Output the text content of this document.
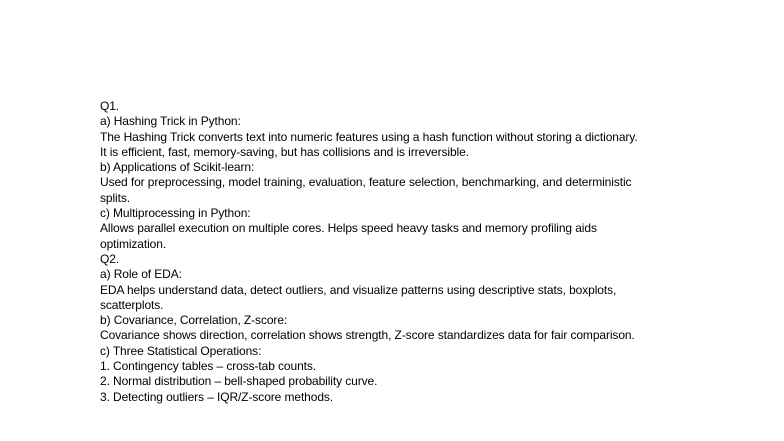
Q1.
a) Hashing Trick in Python:
The Hashing Trick converts text into numeric features using a hash function without storing a dictionary.
It is efficient, fast, memory-saving, but has collisions and is irreversible.
b) Applications of Scikit-learn:
Used for preprocessing, model training, evaluation, feature selection, benchmarking, and deterministic
splits.
c) Multiprocessing in Python:
Allows parallel execution on multiple cores. Helps speed heavy tasks and memory profiling aids
optimization.
Q2.
a) Role of EDA:
EDA helps understand data, detect outliers, and visualize patterns using descriptive stats, boxplots,
scatterplots.
b) Covariance, Correlation, Z-score:
Covariance shows direction, correlation shows strength, Z-score standardizes data for fair comparison.
c) Three Statistical Operations:
1. Contingency tables – cross-tab counts.
2. Normal distribution – bell-shaped probability curve.
3. Detecting outliers – IQR/Z-score methods.
